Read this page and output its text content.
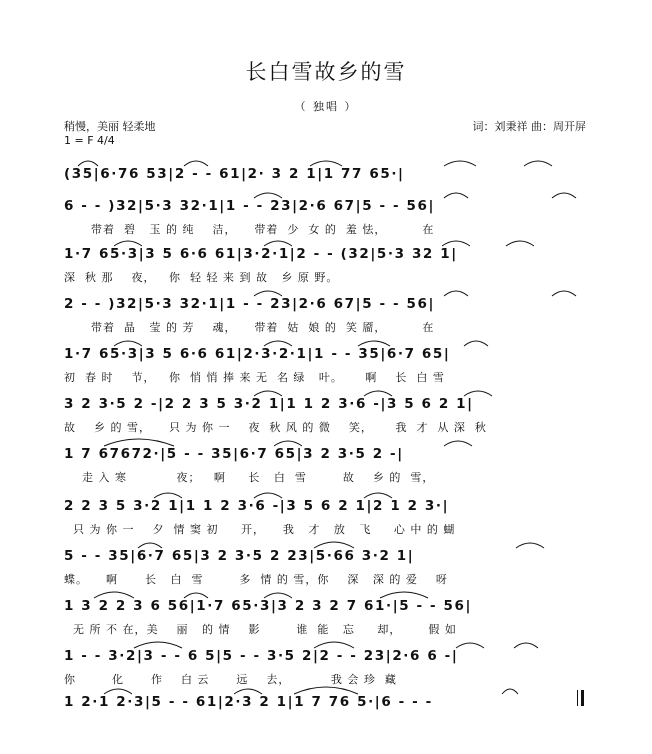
长白雪故乡的雪
（ 独唱 ）
稍慢，美丽 轻柔地	词：刘秉祥 曲：周开屏
1 = F 4/4
(35|6·76 53|2 - - 61|2· 3 2 1|1 77 65·|
6 - - )32|5·3 32·1|1 - - 23|2·6 67|5 - - 56|
带着  碧   玉 的 纯    洁，    带着  少  女 的  羞 怯，        在
1·7 65·3|3 5 6·6 61|3·2·1|2 - - (32|5·3 32 1|
深  秋 那    夜，   你  轻 轻 来 到 故   乡 原 野。
2 - - )32|5·3 32·1|1 - - 23|2·6 67|5 - - 56|
带着  晶   莹 的 芳    魂，    带着  姑  娘 的  笑 靥，        在
1·7 65·3|3 5 6·6 61|2·3·2·1|1 - - 35|6·7 65|
初  春 时    节，   你  悄 悄 捧 来 无  名 绿   叶。     啊    长  白 雪
3 2 3·5 2 -|2 2 3 5 3·2 1|1 1 2 3·6 -|3 5 6 2 1|
故    乡 的 雪，    只 为 你 一    夜  秋 风 的 微    笑，     我  才  从 深  秋
1 7 67672·|5 - - 35|6·7 65|3 2 3·5 2 -|
走 入 寒           夜；   啊     长   白  雪        故    乡 的  雪，
2 2 3 5 3·2 1|1 1 2 3·6 -|3 5 6 2 1|2 1 2 3·|
只 为 你 一    夕  情 窦 初     开，    我   才   放   飞     心 中 的 蝴
5 - - 35|6·7 65|3 2 3·5 2 23|5·66 3·2 1|
蝶。    啊      长   白  雪        多  情 的 雪，你    深   深 的 爱    呀
1 3 2 2 3 6 56|1·7 65·3|3 2 3 2 7 61·|5 - - 56|
无 所 不 在，美    丽   的 情    影        谁  能   忘     却，      假 如
1 - - 3·2|3 - - 6 5|5 - - 3·5 2|2 - - 23|2·6 6 -|
你        化      作    白 云      远    去，         我 会 珍  藏
1 2·1 2·3|5 - - 61|2·3 2 1|1 7 76 5·|6 - - -
